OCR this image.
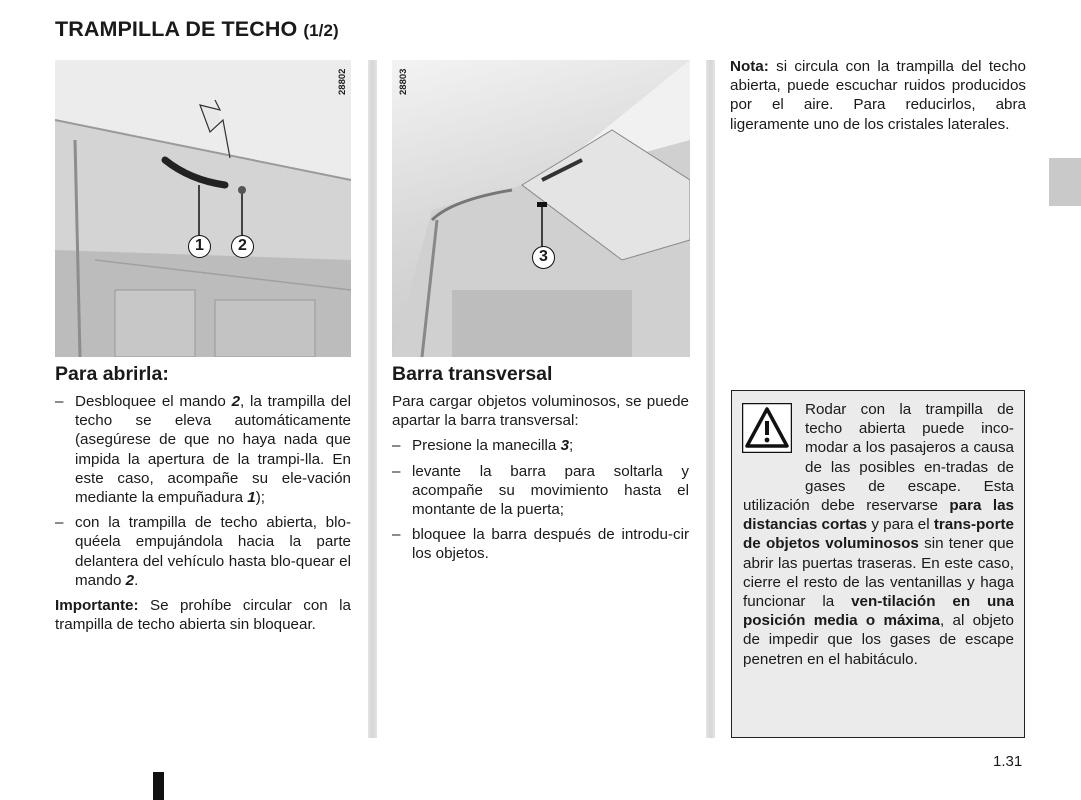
TRAMPILLA DE TECHO (1/2)
28802
1	2
28803
3
Para abrirla:
– Desbloquee el mando 2, la trampilla del techo se eleva automáticamente (asegúrese de que no haya nada que impida la apertura de la trampi-lla. En este caso, acompañe su ele-vación mediante la empuñadura 1);
– con la trampilla de techo abierta, blo-quéela empujándola hacia la parte delantera del vehículo hasta blo-quear el mando 2.

Importante: Se prohíbe circular con la trampilla de techo abierta sin bloquear.

Barra transversal

Para cargar objetos voluminosos, se puede apartar la barra transversal:

– Presione la manecilla 3;
– levante la barra para soltarla y acompañe su movimiento hasta el montante de la puerta;
– bloquee la barra después de introdu-cir los objetos.

Nota: si circula con la trampilla del techo abierta, puede escuchar ruidos producidos por el aire. Para reducirlos, abra ligeramente uno de los cristales laterales.

Rodar con la trampilla de techo abierta puede inco-modar a los pasajeros a causa de las posibles en-tradas de gases de escape. Esta utilización debe reservarse para las distancias cortas y para el trans-porte de objetos voluminosos sin tener que abrir las puertas traseras. En este caso, cierre el resto de las ventanillas y haga funcionar la ven-tilación en una posición media o máxima, al objeto de impedir que los gases de escape penetren en el habitáculo.
1.31
